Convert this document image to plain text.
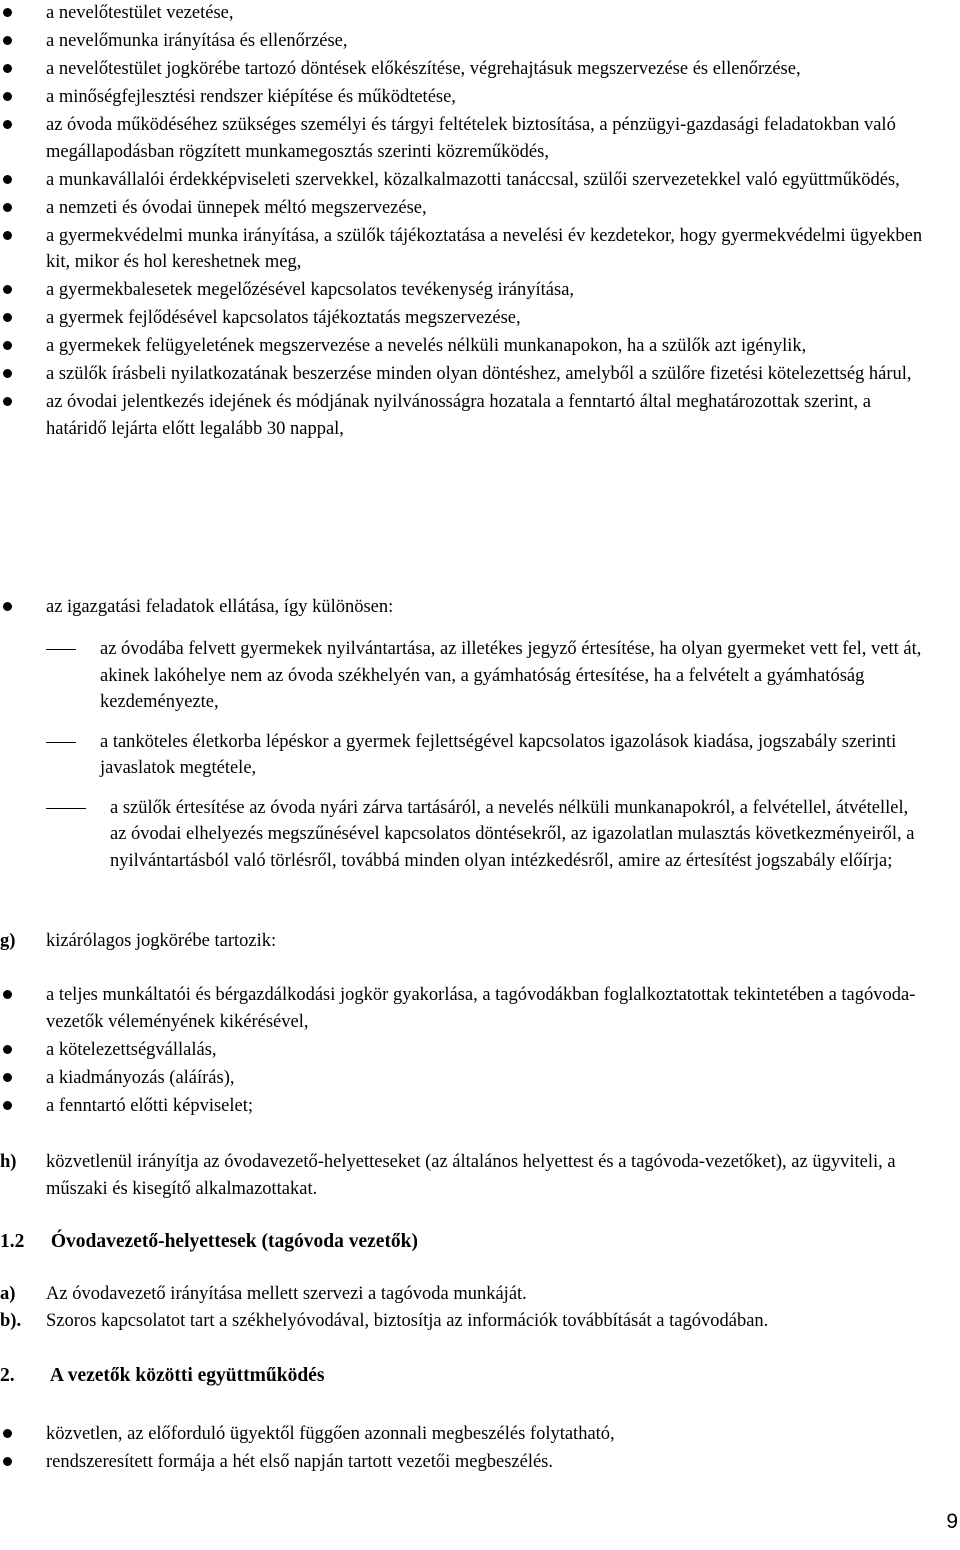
a nevelőtestület vezetése,
a nevelőmunka irányítása és ellenőrzése,
a nevelőtestület jogkörébe tartozó döntések előkészítése, végrehajtásuk megszervezése és ellenőrzése,
a minőségfejlesztési rendszer kiépítése és működtetése,
az óvoda működéséhez szükséges személyi és tárgyi feltételek biztosítása, a pénzügyi-gazdasági feladatokban való megállapodásban rögzített munkamegosztás szerinti közreműködés,
a munkavállalói érdekképviseleti szervekkel, közalkalmazotti tanáccsal, szülői szervezetekkel való együttműködés,
a nemzeti és óvodai ünnepek méltó megszervezése,
a gyermekvédelmi munka irányítása, a szülők tájékoztatása a nevelési év kezdetekor, hogy gyermekvédelmi ügyekben kit, mikor és hol kereshetnek meg,
a gyermekbalesetek megelőzésével kapcsolatos tevékenység irányítása,
a gyermek fejlődésével kapcsolatos tájékoztatás megszervezése,
a gyermekek felügyeletének megszervezése a nevelés nélküli munkanapokon, ha a szülők azt igénylik,
a szülők írásbeli nyilatkozatának beszerzése minden olyan döntéshez, amelyből a szülőre fizetési kötelezettség hárul,
az óvodai jelentkezés idejének és módjának nyilvánosságra hozatala a fenntartó által meghatározottak szerint, a határidő lejárta előtt legalább 30 nappal,
az igazgatási feladatok ellátása, így különösen:
az óvodába felvett gyermekek nyilvántartása, az illetékes jegyző értesítése, ha olyan gyermeket vett fel, vett át, akinek lakóhelye nem az óvoda székhelyén van, a gyámhatóság értesítése, ha a felvételt a gyámhatóság kezdeményezte,
a tanköteles életkorba lépéskor a gyermek fejlettségével kapcsolatos igazolások kiadása, jogszabály szerinti javaslatok megtétele,
a szülők értesítése az óvoda nyári zárva tartásáról, a nevelés nélküli munkanapokról, a felvétellel, átvétellel, az óvodai elhelyezés megszűnésével kapcsolatos döntésekről, az igazolatlan mulasztás következményeiről, a nyilvántartásból való törlésről, továbbá minden olyan intézkedésről, amire az értesítést jogszabály előírja;
g)	kizárólagos jogkörébe tartozik:
a teljes munkáltatói és bérgazdálkodási jogkör gyakorlása, a tagóvodákban foglalkoztatottak tekintetében a tagóvoda-vezetők véleményének kikérésével,
a kötelezettségvállalás,
a kiadmányozás (aláírás),
a fenntartó előtti képviselet;
h)	közvetlenül irányítja az óvodavezető-helyetteseket (az általános helyettest és a tagóvoda-vezetőket), az ügyviteli, a műszaki és kisegítő alkalmazottakat.
1.2 Óvodavezető-helyettesek (tagóvoda vezetők)
a)	Az óvodavezető irányítása mellett szervezi a tagóvoda munkáját.
b).	Szoros kapcsolatot tart a székhelyóvodával, biztosítja az információk továbbítását a tagóvodában.
2. A vezetők közötti együttműködés
közvetlen, az előforduló ügyektől függően azonnali megbeszélés folytatható,
rendszeresített formája a hét első napján tartott vezetői megbeszélés.
9
